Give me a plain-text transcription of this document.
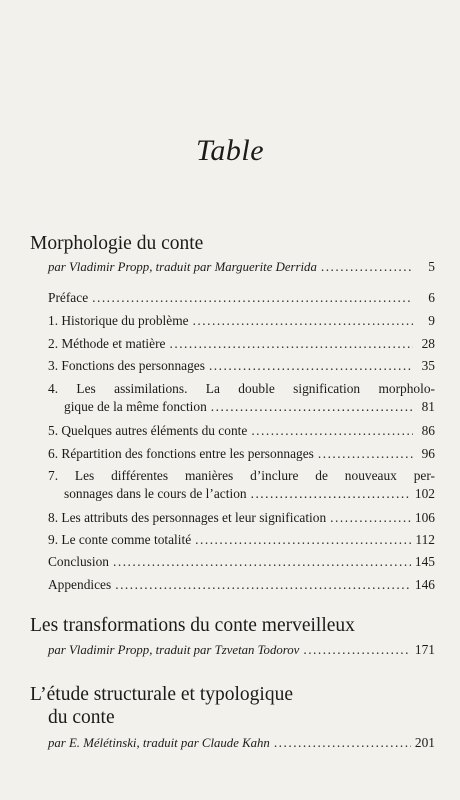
Table
Morphologie du conte
par Vladimir Propp, traduit par Marguerite Derrida .....	5
Préface .....	6
1. Historique du problème .....	9
2. Méthode et matière .....	28
3. Fonctions des personnages .....	35
4. Les assimilations. La double signification morpholo-
gique de la même fonction .....	81
5. Quelques autres éléments du conte .....	86
6. Répartition des fonctions entre les personnages .....	96
7. Les différentes manières d’inclure de nouveaux per-
sonnages dans le cours de l’action .....	102
8. Les attributs des personnages et leur signification .....	106
9. Le conte comme totalité .....	112
Conclusion .....	145
Appendices .....	146
Les transformations du conte merveilleux
par Vladimir Propp, traduit par Tzvetan Todorov .....	171
L’étude structurale et typologique
du conte
par E. Mélétinski, traduit par Claude Kahn .....	201
